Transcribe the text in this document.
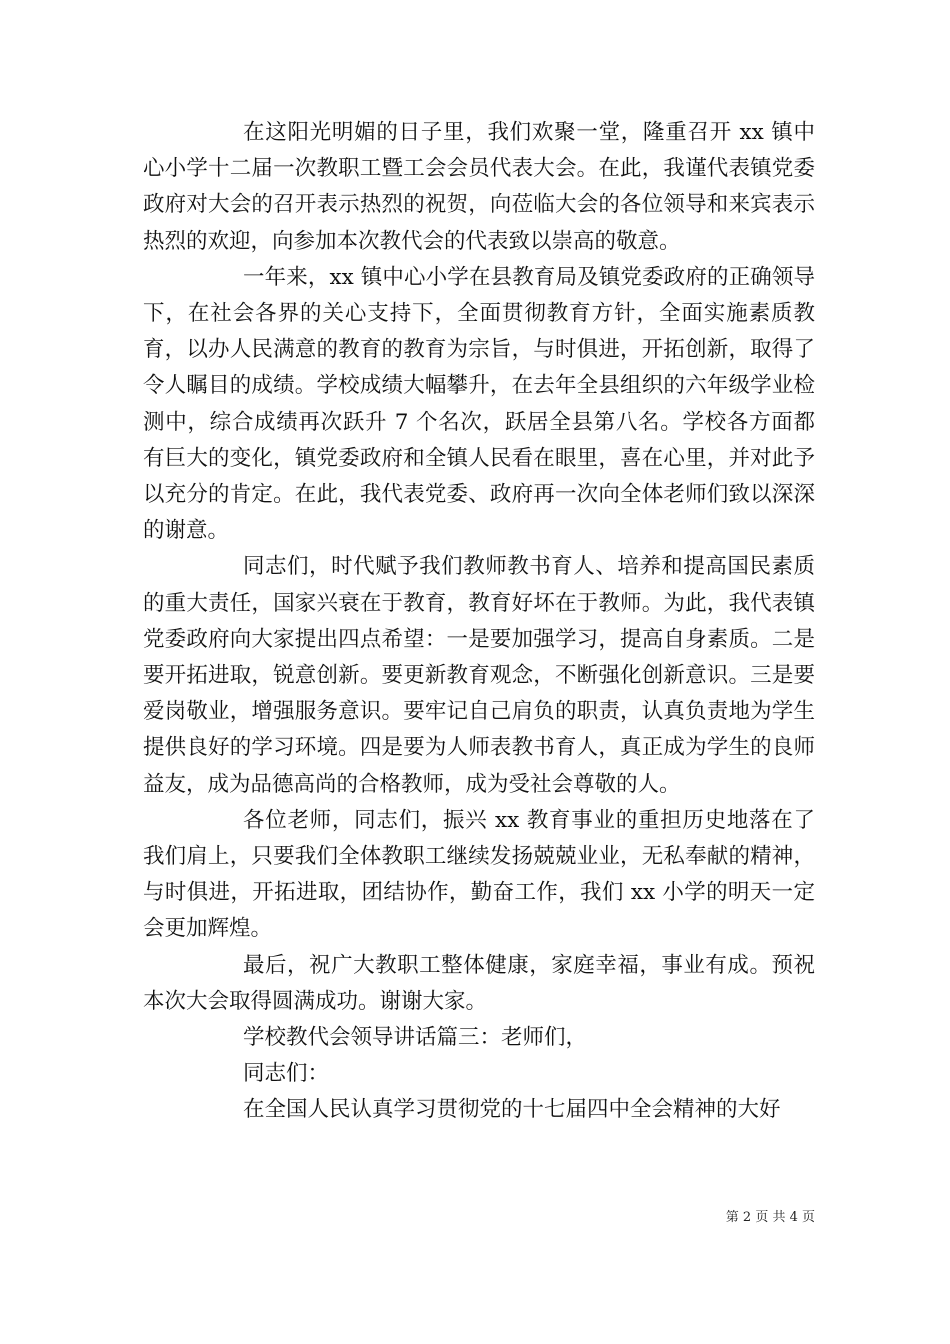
在这阳光明媚的日子里，我们欢聚一堂，隆重召开 xx 镇中心小学十二届一次教职工暨工会会员代表大会。在此，我谨代表镇党委政府对大会的召开表示热烈的祝贺，向莅临大会的各位领导和来宾表示热烈的欢迎，向参加本次教代会的代表致以崇高的敬意。

一年来，xx 镇中心小学在县教育局及镇党委政府的正确领导下，在社会各界的关心支持下，全面贯彻教育方针，全面实施素质教育，以办人民满意的教育的教育为宗旨，与时俱进，开拓创新，取得了令人瞩目的成绩。学校成绩大幅攀升，在去年全县组织的六年级学业检测中，综合成绩再次跃升 7 个名次，跃居全县第八名。学校各方面都有巨大的变化，镇党委政府和全镇人民看在眼里，喜在心里，并对此予以充分的肯定。在此，我代表党委、政府再一次向全体老师们致以深深的谢意。

同志们，时代赋予我们教师教书育人、培养和提高国民素质的重大责任，国家兴衰在于教育，教育好坏在于教师。为此，我代表镇党委政府向大家提出四点希望：一是要加强学习，提高自身素质。二是要开拓进取，锐意创新。要更新教育观念，不断强化创新意识。三是要爱岗敬业，增强服务意识。要牢记自己肩负的职责，认真负责地为学生提供良好的学习环境。四是要为人师表教书育人，真正成为学生的良师益友，成为品德高尚的合格教师，成为受社会尊敬的人。

各位老师，同志们，振兴 xx 教育事业的重担历史地落在了我们肩上，只要我们全体教职工继续发扬兢兢业业，无私奉献的精神，与时俱进，开拓进取，团结协作，勤奋工作，我们 xx 小学的明天一定会更加辉煌。

最后，祝广大教职工整体健康，家庭幸福，事业有成。预祝本次大会取得圆满成功。谢谢大家。

学校教代会领导讲话篇三：老师们，

同志们：

在全国人民认真学习贯彻党的十七届四中全会精神的大好

第 2 页 共 4 页
